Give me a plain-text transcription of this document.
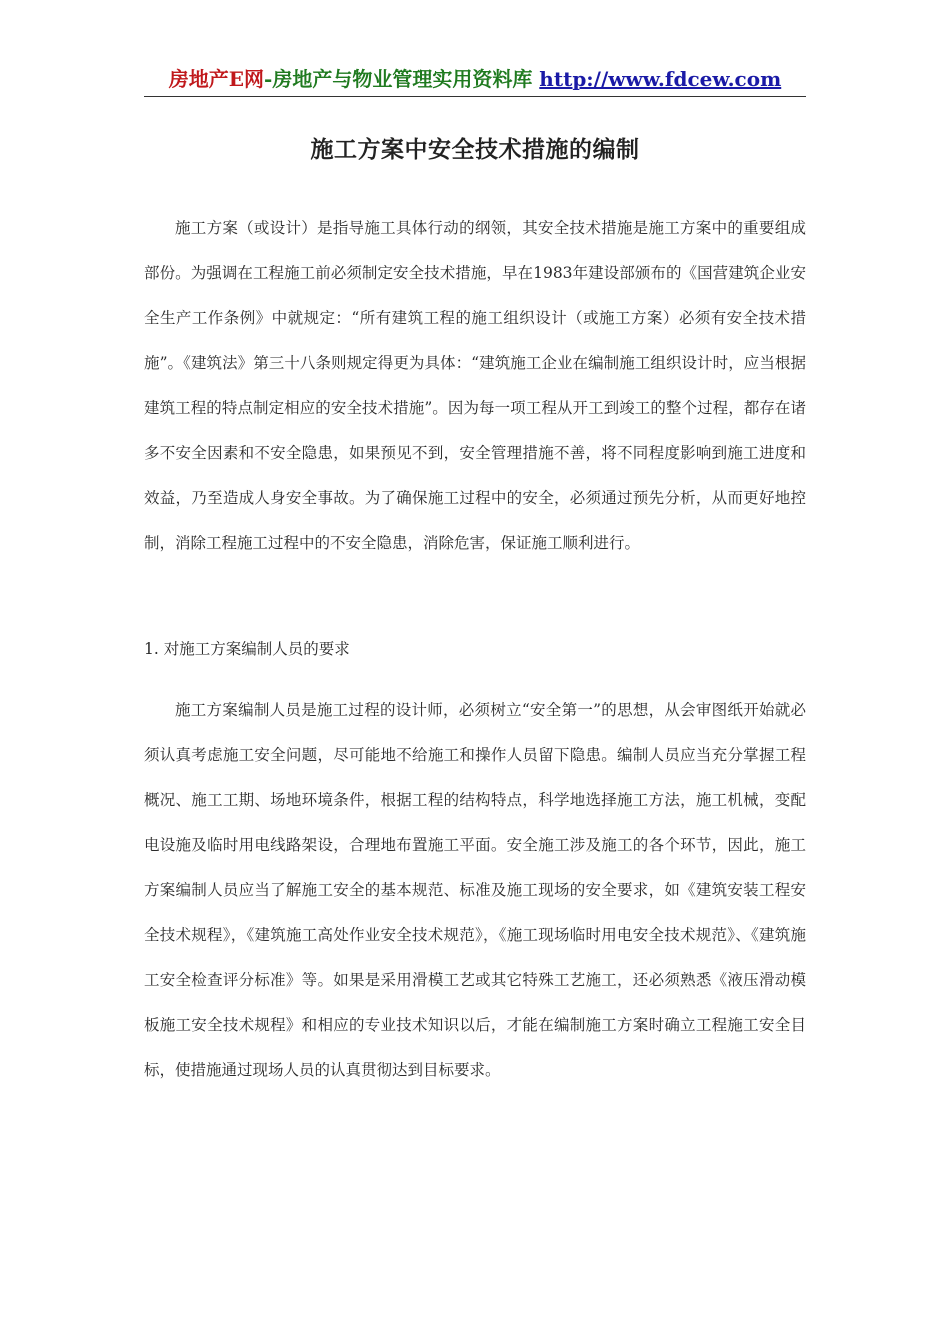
房地产E网-房地产与物业管理实用资料库 http://www.fdcew.com
施工方案中安全技术措施的编制

施工方案（或设计）是指导施工具体行动的纲领，其安全技术措施是施工方案中的重要组成部份。为强调在工程施工前必须制定安全技术措施，早在1983年建设部颁布的《国营建筑企业安全生产工作条例》中就规定：“所有建筑工程的施工组织设计（或施工方案）必须有安全技术措施”。《建筑法》第三十八条则规定得更为具体：“建筑施工企业在编制施工组织设计时，应当根据建筑工程的特点制定相应的安全技术措施”。因为每一项工程从开工到竣工的整个过程，都存在诸多不安全因素和不安全隐患，如果预见不到，安全管理措施不善，将不同程度影响到施工进度和效益，乃至造成人身安全事故。为了确保施工过程中的安全，必须通过预先分析，从而更好地控制，消除工程施工过程中的不安全隐患，消除危害，保证施工顺利进行。

1. 对施工方案编制人员的要求

施工方案编制人员是施工过程的设计师，必须树立“安全第一”的思想，从会审图纸开始就必须认真考虑施工安全问题，尽可能地不给施工和操作人员留下隐患。编制人员应当充分掌握工程概况、施工工期、场地环境条件，根据工程的结构特点，科学地选择施工方法，施工机械，变配电设施及临时用电线路架设，合理地布置施工平面。安全施工涉及施工的各个环节，因此，施工方案编制人员应当了解施工安全的基本规范、标准及施工现场的安全要求，如《建筑安装工程安全技术规程》，《建筑施工高处作业安全技术规范》，《施工现场临时用电安全技术规范》、《建筑施工安全检查评分标准》等。如果是采用滑模工艺或其它特殊工艺施工，还必须熟悉《液压滑动模板施工安全技术规程》和相应的专业技术知识以后，才能在编制施工方案时确立工程施工安全目标，使措施通过现场人员的认真贯彻达到目标要求。
